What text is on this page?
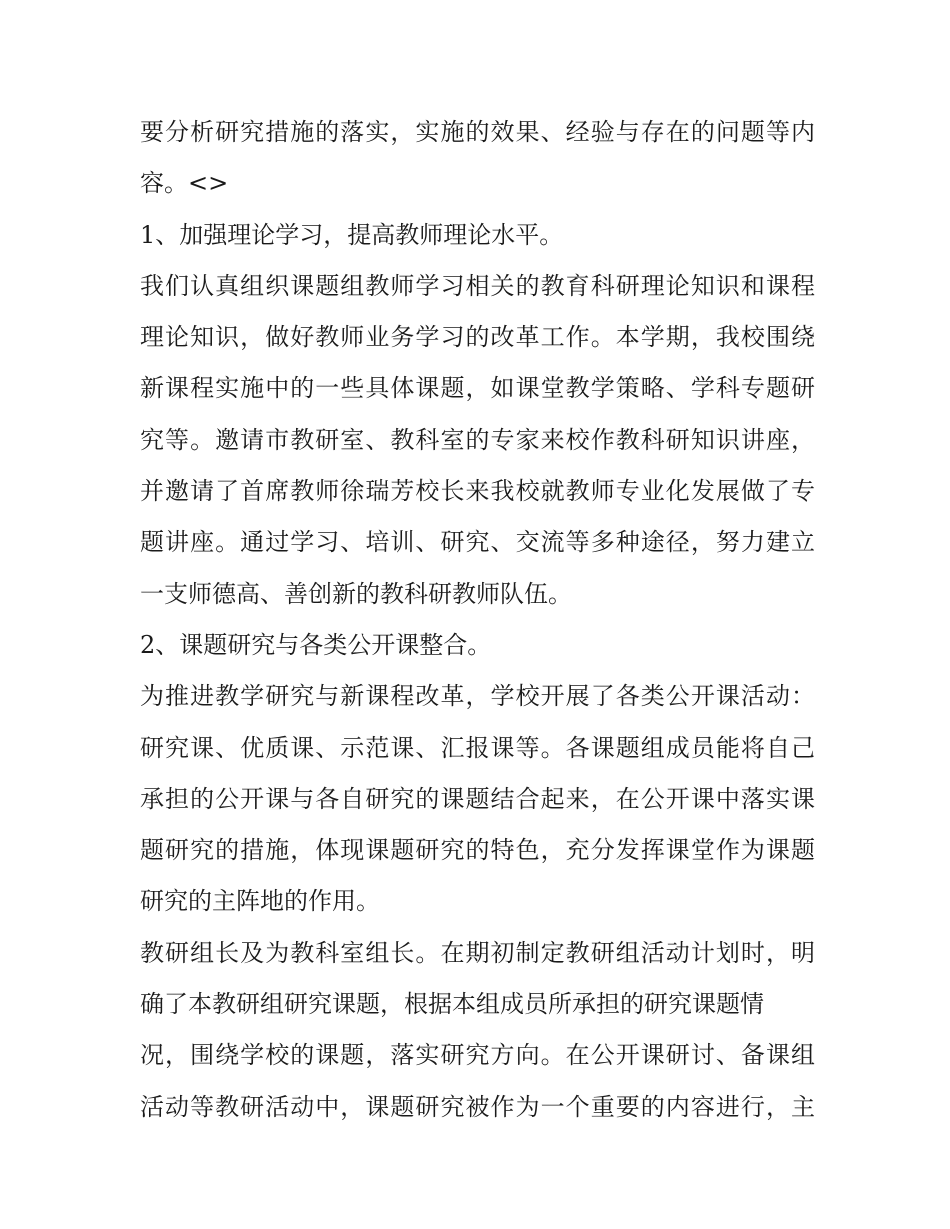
要分析研究措施的落实，实施的效果、经验与存在的问题等内
容。<>
1、加强理论学习，提高教师理论水平。
我们认真组织课题组教师学习相关的教育科研理论知识和课程
理论知识，做好教师业务学习的改革工作。本学期，我校围绕
新课程实施中的一些具体课题，如课堂教学策略、学科专题研
究等。邀请市教研室、教科室的专家来校作教科研知识讲座，
并邀请了首席教师徐瑞芳校长来我校就教师专业化发展做了专
题讲座。通过学习、培训、研究、交流等多种途径，努力建立
一支师德高、善创新的教科研教师队伍。
2、课题研究与各类公开课整合。
为推进教学研究与新课程改革，学校开展了各类公开课活动：
研究课、优质课、示范课、汇报课等。各课题组成员能将自己
承担的公开课与各自研究的课题结合起来，在公开课中落实课
题研究的措施，体现课题研究的特色，充分发挥课堂作为课题
研究的主阵地的作用。
教研组长及为教科室组长。在期初制定教研组活动计划时，明
确了本教研组研究课题，根据本组成员所承担的研究课题情
况，围绕学校的课题，落实研究方向。在公开课研讨、备课组
活动等教研活动中，课题研究被作为一个重要的内容进行，主
